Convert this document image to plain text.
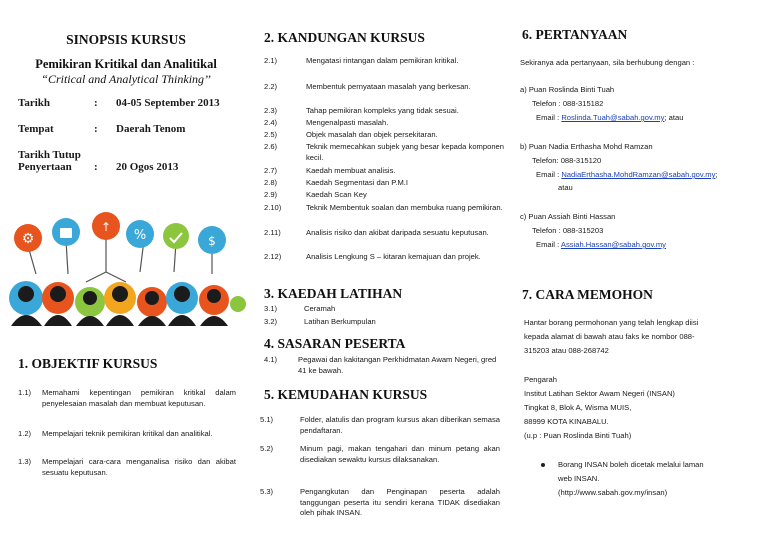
SINOPSIS KURSUS
Pemikiran Kritikal dan Analitikal
“Critical and Analytical Thinking’’
Tarikh	: 04-05 September 2013
Tempat	: Daerah Tenom
Tarikh Tutup
Penyertaan	: 20 Ogos 2013
⚙
↑
%	$
1. OBJEKTIF KURSUS
1.1) Memahami kepentingan pemikiran kritikal dalam penyelesaian masalah dan membuat keputusan.
1.2) Mempelajari teknik pemikiran kritikal dan analitikal.
1.3) Mempelajari cara-cara menganalisa risiko dan akibat sesuatu keputusan.
2. KANDUNGAN KURSUS
2.1)	Mengatasi rintangan dalam pemikiran kritikal.
2.2)	Membentuk pernyataan masalah yang berkesan.
2.3)	Tahap pemikiran kompleks yang tidak sesuai.
2.4)	Mengenalpasti masalah.
2.5)	Objek masalah dan objek persekitaran.
2.6)	Teknik memecahkan subjek yang besar kepada komponen kecil.
2.7)	Kaedah membuat analisis.
2.8)	Kaedah Segmentasi dan P.M.I
2.9)	Kaedah Scan Key
2.10)	Teknik Membentuk soalan dan membuka ruang pemikiran.
2.11)	Analisis risiko dan akibat daripada sesuatu keputusan.
2.12)	Analisis Lengkung S – kitaran kemajuan dan projek.
3. KAEDAH LATIHAN
3.1)	Ceramah
3.2)	Latihan Berkumpulan
4. SASARAN PESERTA
4.1)	Pegawai dan kakitangan Perkhidmatan Awam Negeri, gred 41 ke bawah.
5. KEMUDAHAN KURSUS
5.1)	Folder, alatulis dan program kursus akan diberikan semasa pendaftaran.
5.2)	Minum pagi, makan tengahari dan minum petang akan disediakan sewaktu kursus dilaksanakan.
5.3)	Pengangkutan dan Penginapan peserta adalah tanggungan peserta itu sendiri kerana TIDAK disediakan oleh pihak INSAN.
6. PERTANYAAN
Sekiranya ada pertanyaan, sila berhubung dengan :
a) Puan Roslinda Binti Tuah
Telefon : 088-315182
Email : Roslinda.Tuah@sabah.gov.my; atau
b) Puan Nadia Erthasha Mohd Ramzan
Telefon: 088-315120
Email : NadiaErthasha.MohdRamzan@sabah.gov.my;
atau
c) Puan Assiah Binti Hassan
Telefon : 088-315203
Email : Assiah.Hassan@sabah.gov.my
7. CARA MEMOHON
Hantar borang permohonan yang telah lengkap diisi
kepada alamat di bawah atau faks ke nombor 088-
315203 atau 088-268742
Pengarah
Institut Latihan Sektor Awam Negeri (INSAN)
Tingkat 8, Blok A, Wisma MUIS,
88999 KOTA KINABALU.
(u.p : Puan Roslinda Binti Tuah)
Borang INSAN boleh dicetak melalui laman
web INSAN.
(http://www.sabah.gov.my/insan)
